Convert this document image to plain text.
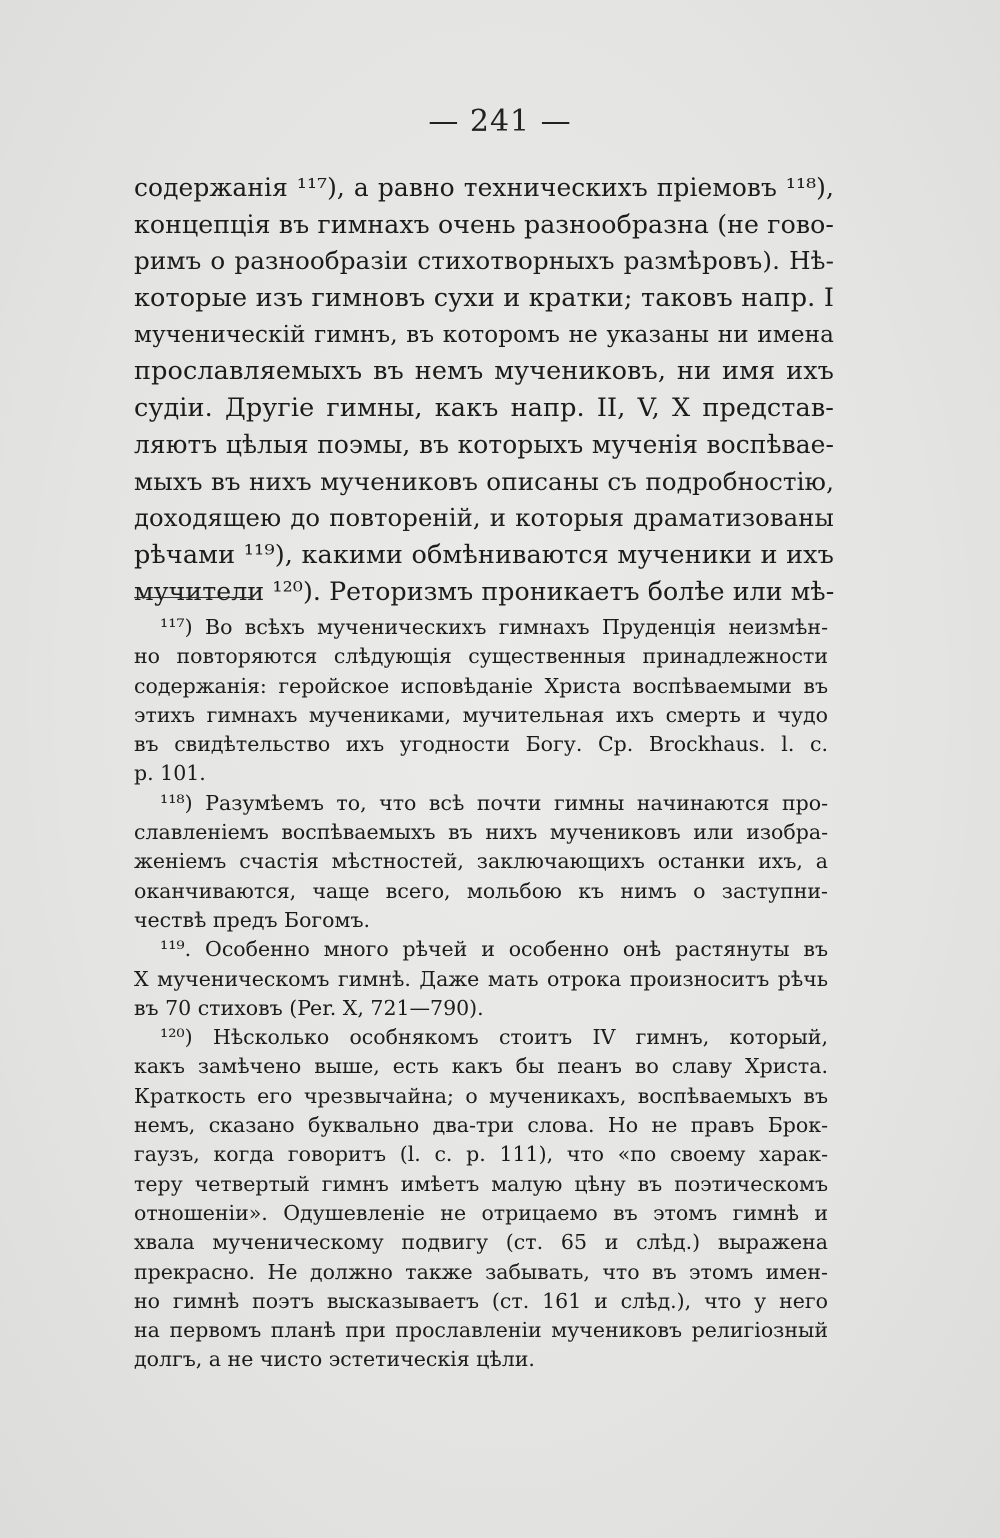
— 241 —
содержанія ¹¹⁷), а равно техническихъ пріемовъ ¹¹⁸),
концепція въ гимнахъ очень разнообразна (не гово-
римъ о разнообразіи стихотворныхъ размѣровъ). Нѣ-
которые изъ гимновъ сухи и кратки; таковъ напр. I
мученическій гимнъ, въ которомъ не указаны ни имена
прославляемыхъ въ немъ мучениковъ, ни имя ихъ
судіи. Другіе гимны, какъ напр. II, V, X представ-
ляютъ цѣлыя поэмы, въ которыхъ мученія воспѣвае-
мыхъ въ нихъ мучениковъ описаны съ подробностію,
доходящею до повтореній, и которыя драматизованы
рѣчами ¹¹⁹), какими обмѣниваются мученики и ихъ
мучители ¹²⁰). Реторизмъ проникаетъ болѣе или мѣ-
¹¹⁷) Во всѣхъ мученическихъ гимнахъ Пруденція неизмѣн-
но повторяются слѣдующія существенныя принадлежности
содержанія: геройское исповѣданіе Христа воспѣваемыми въ
этихъ гимнахъ мучениками, мучительная ихъ смерть и чудо
въ свидѣтельство ихъ угодности Богу. Ср. Brockhaus. l. c.
p. 101.
¹¹⁸) Разумѣемъ то, что всѣ почти гимны начинаются про-
славленіемъ воспѣваемыхъ въ нихъ мучениковъ или изобра-
женіемъ счастія мѣстностей, заключающихъ останки ихъ, а
оканчиваются, чаще всего, мольбою къ нимъ о заступни-
чествѣ предъ Богомъ.
¹¹⁹. Особенно много рѣчей и особенно онѣ растянуты въ
X мученическомъ гимнѣ. Даже мать отрока произноситъ рѣчь
въ 70 стиховъ (Per. X, 721—790).
¹²⁰) Нѣсколько особнякомъ стоитъ IV гимнъ, который,
какъ замѣчено выше, есть какъ бы пеанъ во славу Христа.
Краткость его чрезвычайна; о мученикахъ, воспѣваемыхъ въ
немъ, сказано буквально два-три слова. Но не правъ Брок-
гаузъ, когда говоритъ (l. c. p. 111), что «по своему харак-
теру четвертый гимнъ имѣетъ малую цѣну въ поэтическомъ
отношеніи». Одушевленіе не отрицаемо въ этомъ гимнѣ и
хвала мученическому подвигу (ст. 65 и слѣд.) выражена
прекрасно. Не должно также забывать, что въ этомъ имен-
но гимнѣ поэтъ высказываетъ (ст. 161 и слѣд.), что у него
на первомъ планѣ при прославленіи мучениковъ религіозный
долгъ, а не чисто эстетическія цѣли.
